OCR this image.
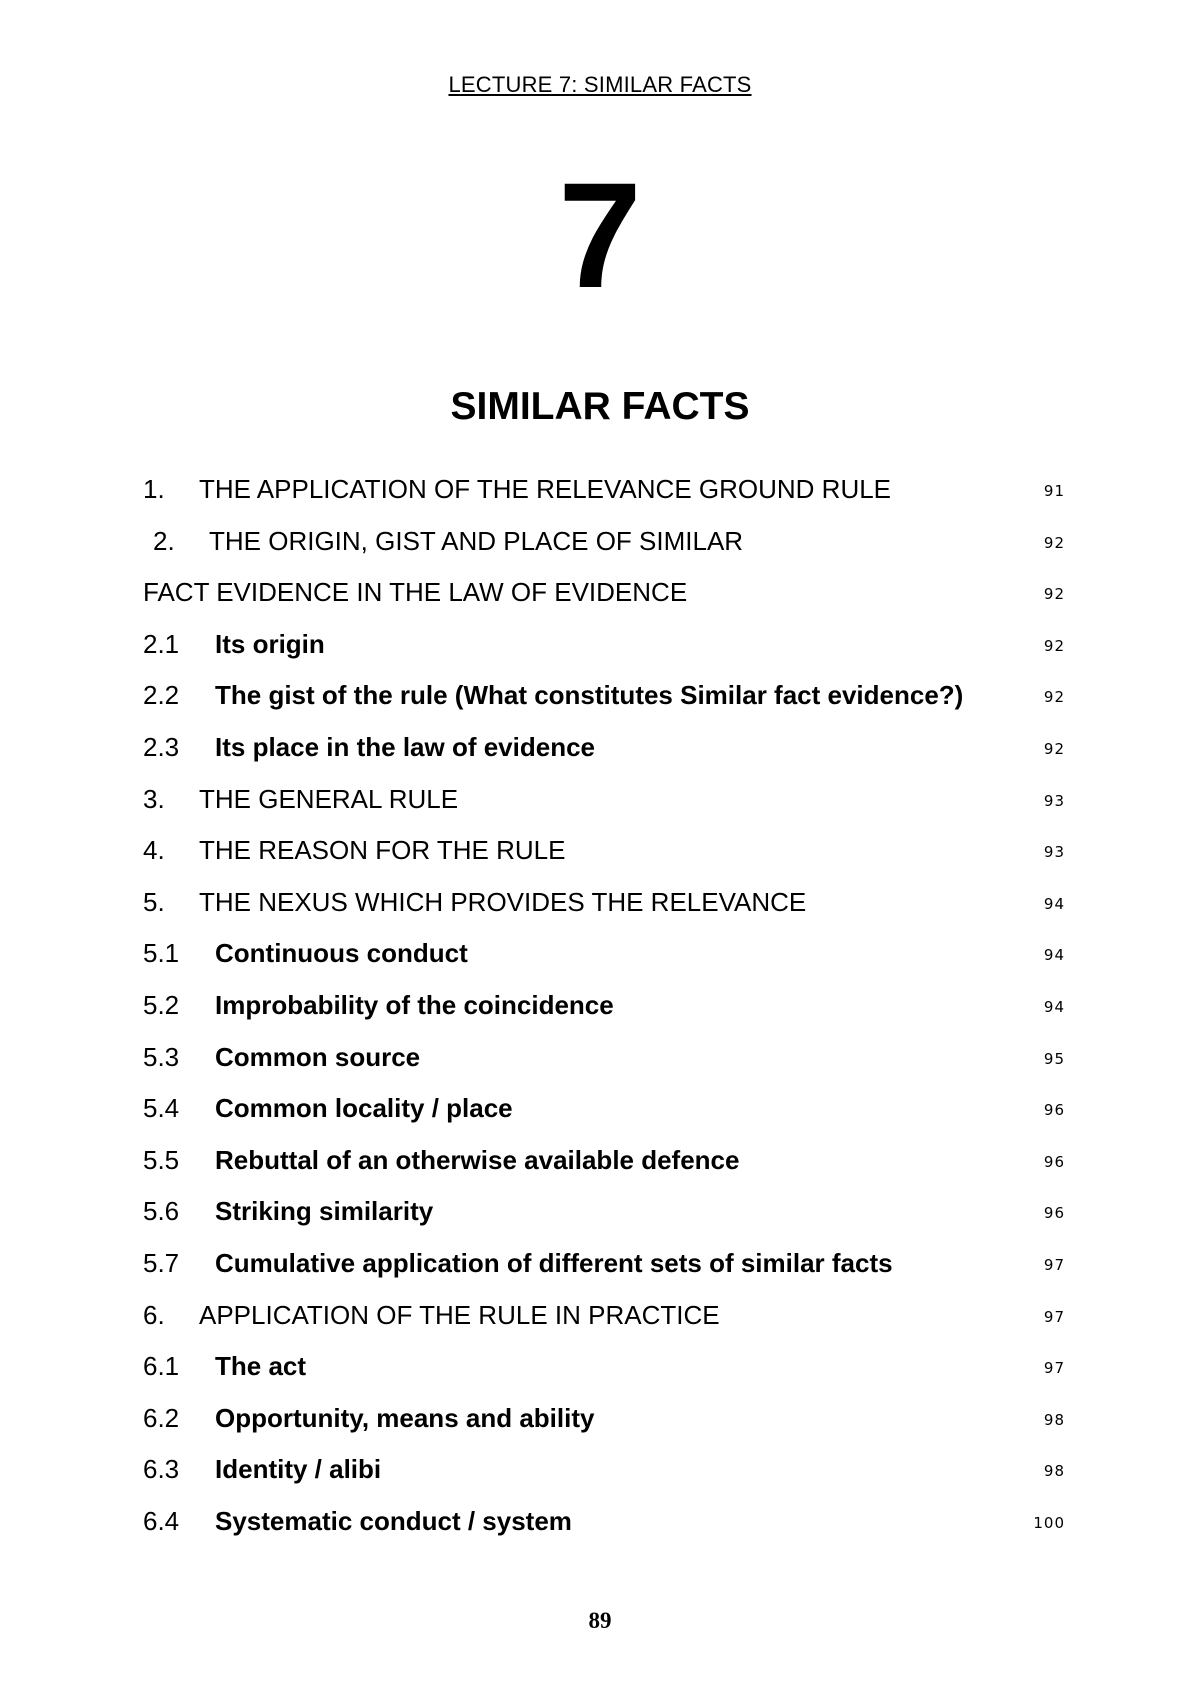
LECTURE 7: SIMILAR FACTS
7
SIMILAR FACTS
1. THE APPLICATION OF THE RELEVANCE GROUND RULE	91
2. THE ORIGIN, GIST AND PLACE OF SIMILAR	92
FACT EVIDENCE IN THE LAW OF EVIDENCE	92
2.1 Its origin	92
2.2 The gist of the rule (What constitutes Similar fact evidence?)	92
2.3 Its place in the law of evidence	92
3. THE GENERAL RULE	93
4. THE REASON FOR THE RULE	93
5. THE NEXUS WHICH PROVIDES THE RELEVANCE	94
5.1 Continuous conduct	94
5.2 Improbability of the coincidence	94
5.3 Common source	95
5.4 Common locality / place	96
5.5 Rebuttal of an otherwise available defence	96
5.6 Striking similarity	96
5.7 Cumulative application of different sets of similar facts	97
6. APPLICATION OF THE RULE IN PRACTICE	97
6.1 The act	97
6.2 Opportunity, means and ability	98
6.3 Identity / alibi	98
6.4 Systematic conduct / system	100
89
